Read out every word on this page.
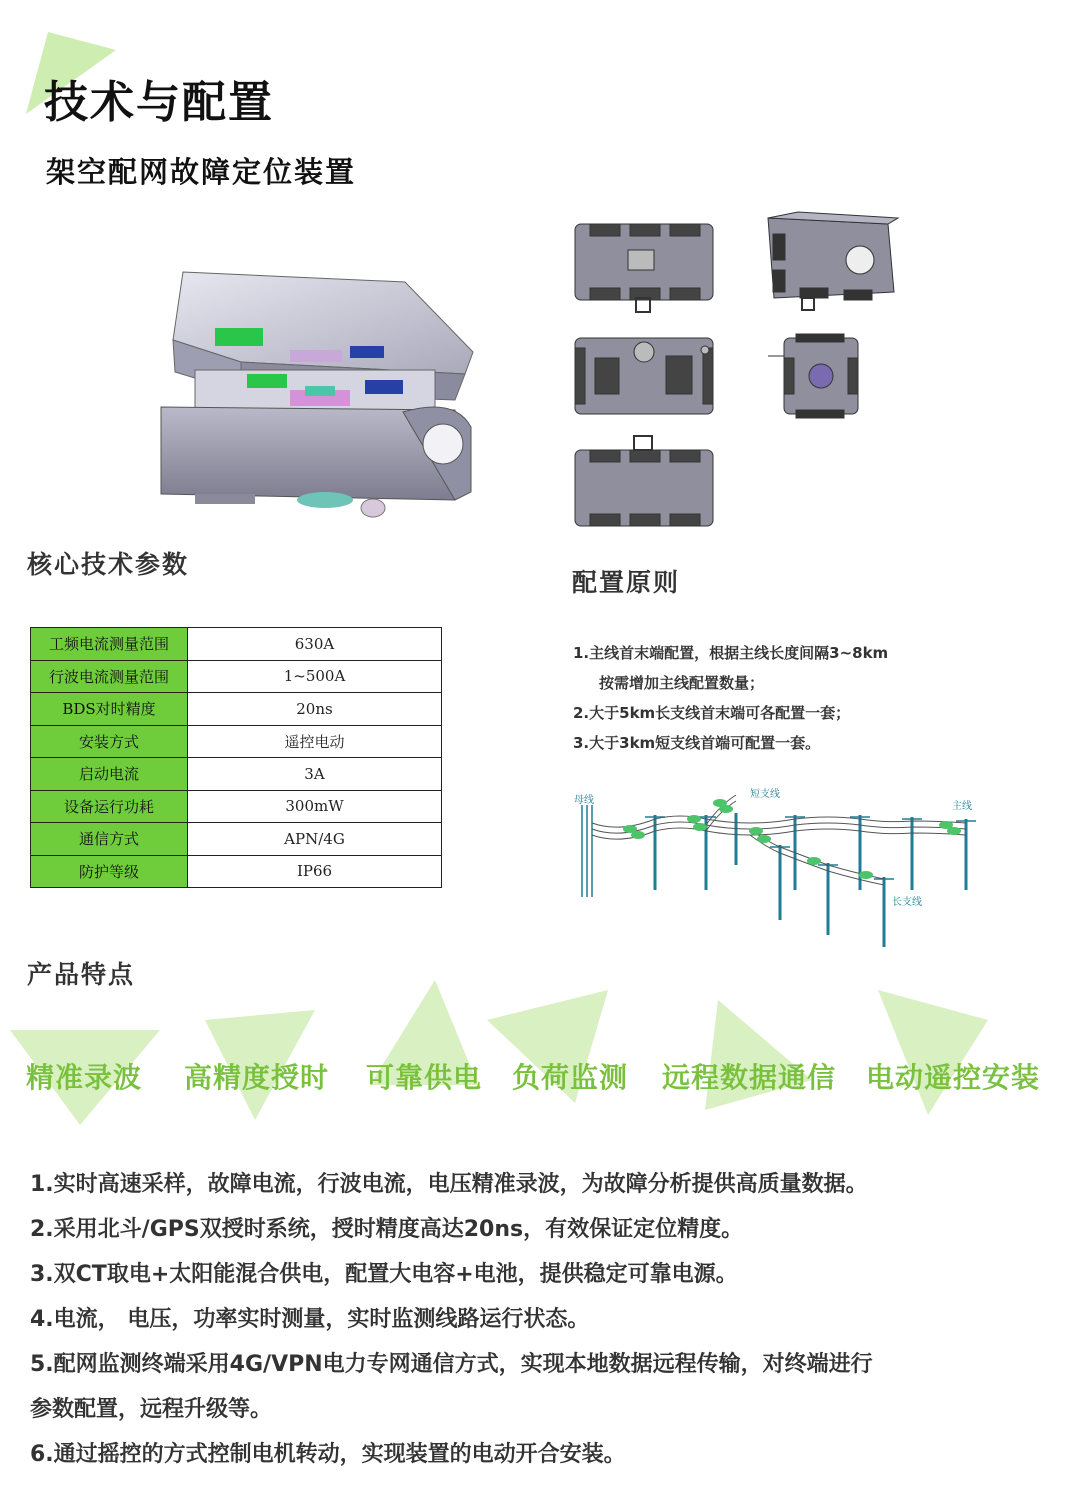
技术与配置
架空配网故障定位装置
核心技术参数
工频电流测量范围	630A
行波电流测量范围	1~500A
BDS对时精度	20ns
安装方式	遥控电动
启动电流	3A
设备运行功耗	300mW
通信方式	APN/4G
防护等级	IP66
配置原则
1.主线首末端配置，根据主线长度间隔3~8km
按需增加主线配置数量；
2.大于5km长支线首末端可各配置一套；
3.大于3km短支线首端可配置一套。
母线
短支线
主线
长支线
产品特点
精准录波 高精度授时 可靠供电 负荷监测 远程数据通信 电动遥控安装
1.实时高速采样，故障电流，行波电流，电压精准录波，为故障分析提供高质量数据。
2.采用北斗/GPS双授时系统，授时精度高达20ns，有效保证定位精度。
3.双CT取电+太阳能混合供电，配置大电容+电池，提供稳定可靠电源。
4.电流， 电压，功率实时测量，实时监测线路运行状态。
5.配网监测终端采用4G/VPN电力专网通信方式，实现本地数据远程传输，对终端进行
参数配置，远程升级等。
6.通过摇控的方式控制电机转动，实现装置的电动开合安装。
